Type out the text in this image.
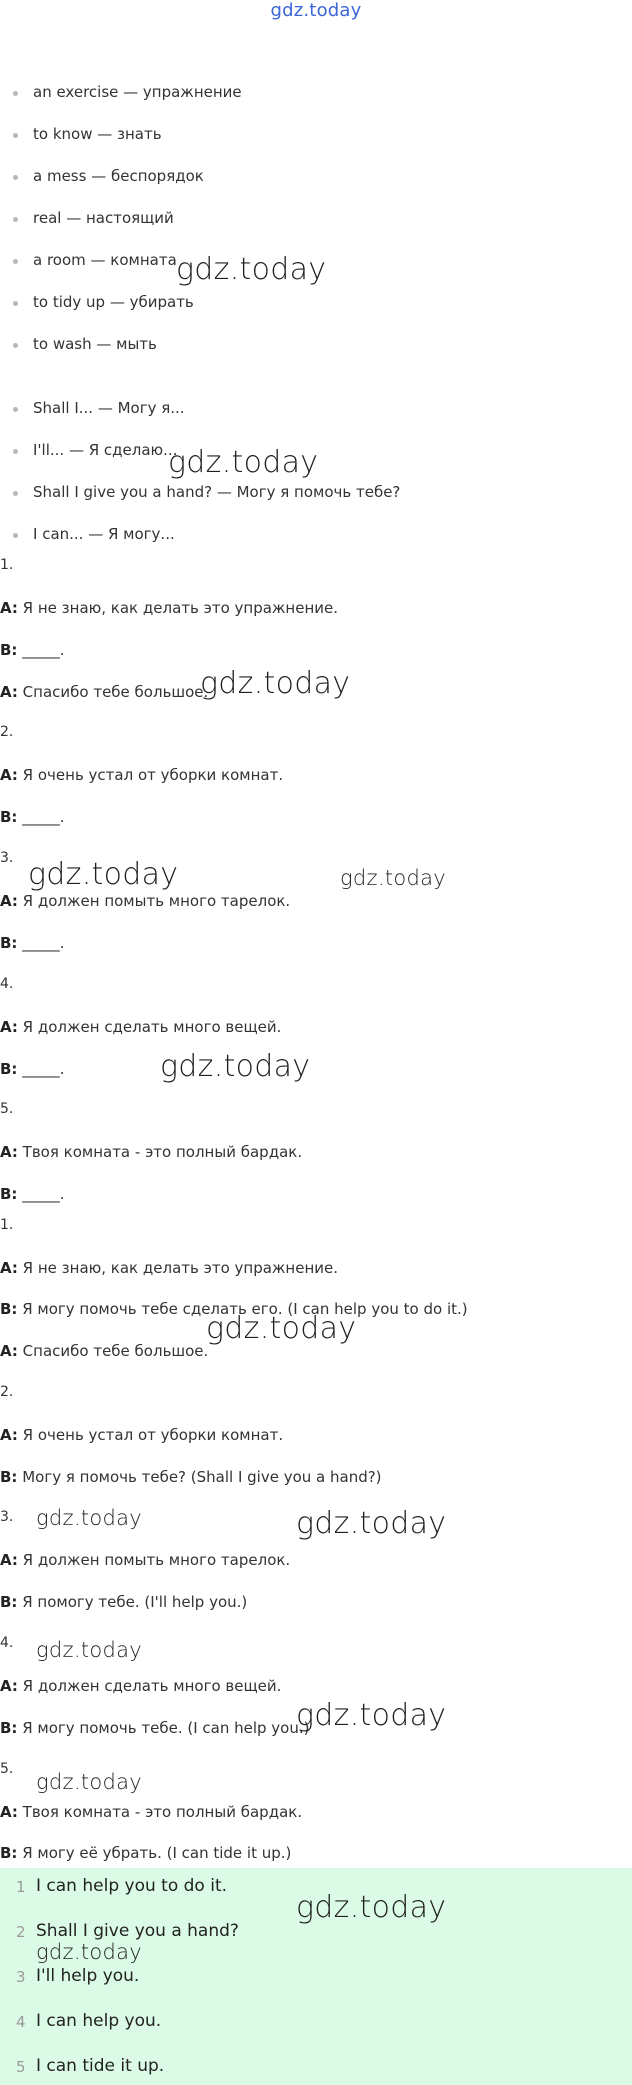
gdz.today
an exercise — упражнение
to know — знать
a mess — беспорядок
real — настоящий
a room — комната
to tidy up — убирать
to wash — мыть
Shall I... — Могу я...
I'll... — Я сделаю...
Shall I give you a hand? — Могу я помочь тебе?
I can... — Я могу...
1.
A: Я не знаю, как делать это упражнение.
B: _____.
A: Спасибо тебе большое.
2.
A: Я очень устал от уборки комнат.
B: _____.
3.
A: Я должен помыть много тарелок.
B: _____.
4.
A: Я должен сделать много вещей.
B: _____.
5.
A: Твоя комната - это полный бардак.
B: _____.
1.
A: Я не знаю, как делать это упражнение.
B: Я могу помочь тебе сделать его. (I can help you to do it.)
A: Спасибо тебе большое.
2.
A: Я очень устал от уборки комнат.
B: Могу я помочь тебе? (Shall I give you a hand?)
3.
A: Я должен помыть много тарелок.
B: Я помогу тебе. (I'll help you.)
4.
A: Я должен сделать много вещей.
B: Я могу помочь тебе. (I can help you.)
5.
A: Твоя комната - это полный бардак.
B: Я могу её убрать. (I can tide it up.)
1 I can help you to do it.
2 Shall I give you a hand?
3 I'll help you.
4 I can help you.
5 I can tide it up.
gdz.today
gdz.today
gdz.today
gdz.today	gdz.today
gdz.today
gdz.today
gdz.today	gdz.today
gdz.today
gdz.today
gdz.today
gdz.today
gdz.today
